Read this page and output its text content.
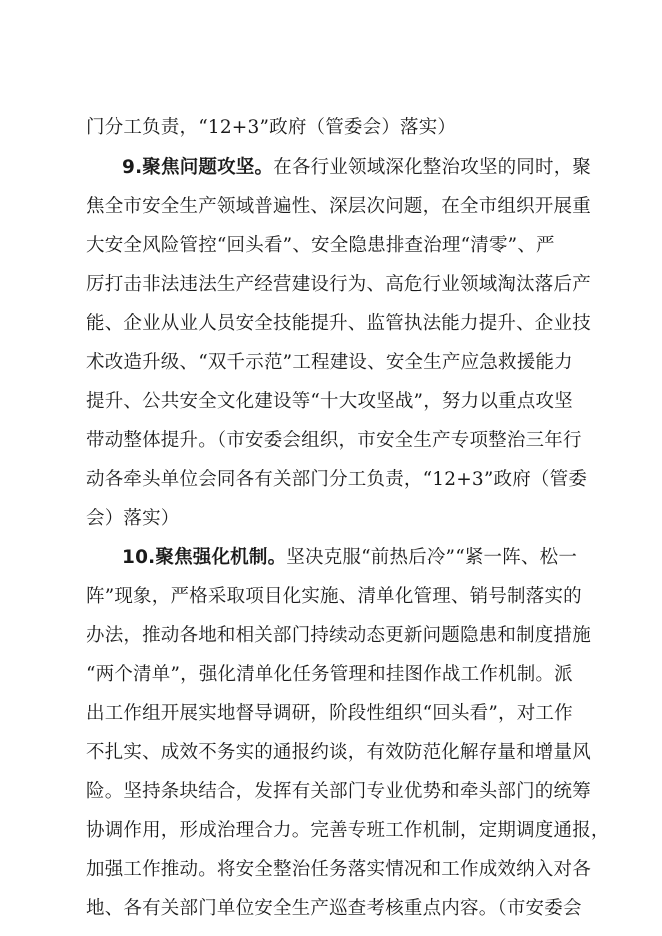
门分工负责，“12+3”政府（管委会）落实）
9.聚焦问题攻坚。在各行业领域深化整治攻坚的同时，聚
焦全市安全生产领域普遍性、深层次问题，在全市组织开展重
大安全风险管控“回头看”、安全隐患排查治理“清零”、严
厉打击非法违法生产经营建设行为、高危行业领域淘汰落后产
能、企业从业人员安全技能提升、监管执法能力提升、企业技
术改造升级、“双千示范”工程建设、安全生产应急救援能力
提升、公共安全文化建设等“十大攻坚战”，努力以重点攻坚
带动整体提升。（市安委会组织，市安全生产专项整治三年行
动各牵头单位会同各有关部门分工负责，“12+3”政府（管委
会）落实）
10.聚焦强化机制。坚决克服“前热后冷”“紧一阵、松一
阵”现象，严格采取项目化实施、清单化管理、销号制落实的
办法，推动各地和相关部门持续动态更新问题隐患和制度措施
“两个清单”，强化清单化任务管理和挂图作战工作机制。派
出工作组开展实地督导调研，阶段性组织“回头看”，对工作
不扎实、成效不务实的通报约谈，有效防范化解存量和增量风
险。坚持条块结合，发挥有关部门专业优势和牵头部门的统筹
协调作用，形成治理合力。完善专班工作机制，定期调度通报，
加强工作推动。将安全整治任务落实情况和工作成效纳入对各
地、各有关部门单位安全生产巡查考核重点内容。（市安委会
